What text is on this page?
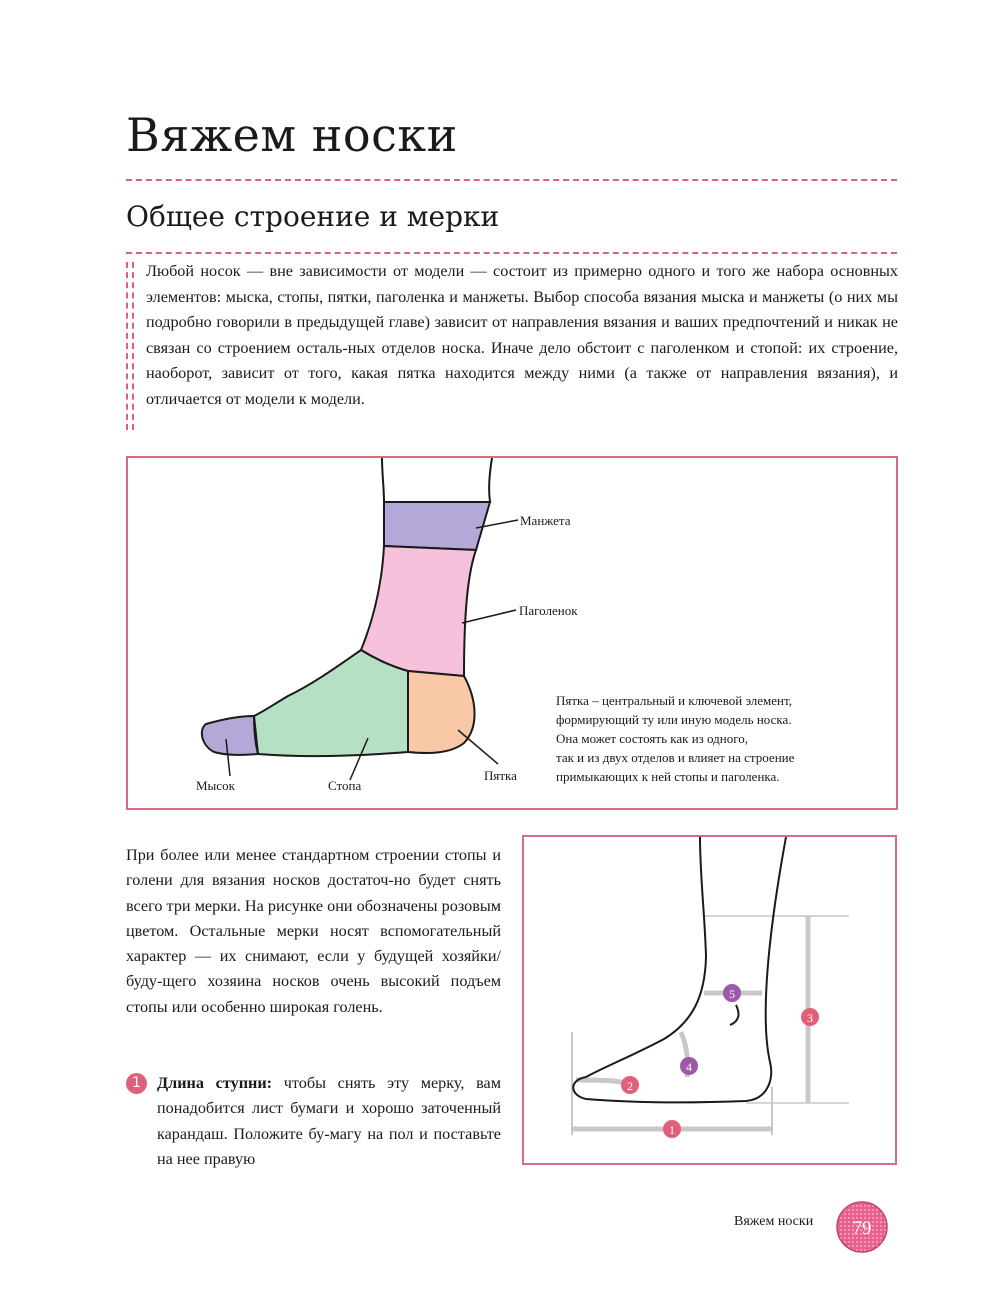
Вяжем носки
Общее строение и мерки

Любой носок — вне зависимости от модели — состоит из примерно одного и того же набора основных элементов: мыска, стопы, пятки, паголенка и манжеты. Выбор способа вязания мыска и манжеты (о них мы подробно говорили в предыдущей главе) зависит от направления вязания и ваших предпочтений и никак не связан со строением осталь-ных отделов носка. Иначе дело обстоит с паголенком и стопой: их строение, наоборот, зависит от того, какая пятка находится между ними (а также от направления вязания), и отличается от модели к модели.

Манжета
Паголенок
Мысок	Стопа
Пятка
Пятка – центральный и ключевой элемент,
формирующий ту или иную модель носка.
Она может состоять как из одного,
так и из двух отделов и влияет на строение
примыкающих к ней стопы и паголенка.

При более или менее стандартном строении стопы и голени для вязания носков достаточ-но будет снять всего три мерки. На рисунке они обозначены розовым цветом. Остальные мерки носят вспомогательный характер — их снимают, если у будущей хозяйки/буду-щего хозяина носков очень высокий подъем стопы или особенно широкая голень.

1 Длина ступни: чтобы снять эту мерку, вам понадобится лист бумаги и хорошо заточенный карандаш. Положите бу-магу на пол и поставьте на нее правую

1
2
3
4
5
Вяжем носки 79
